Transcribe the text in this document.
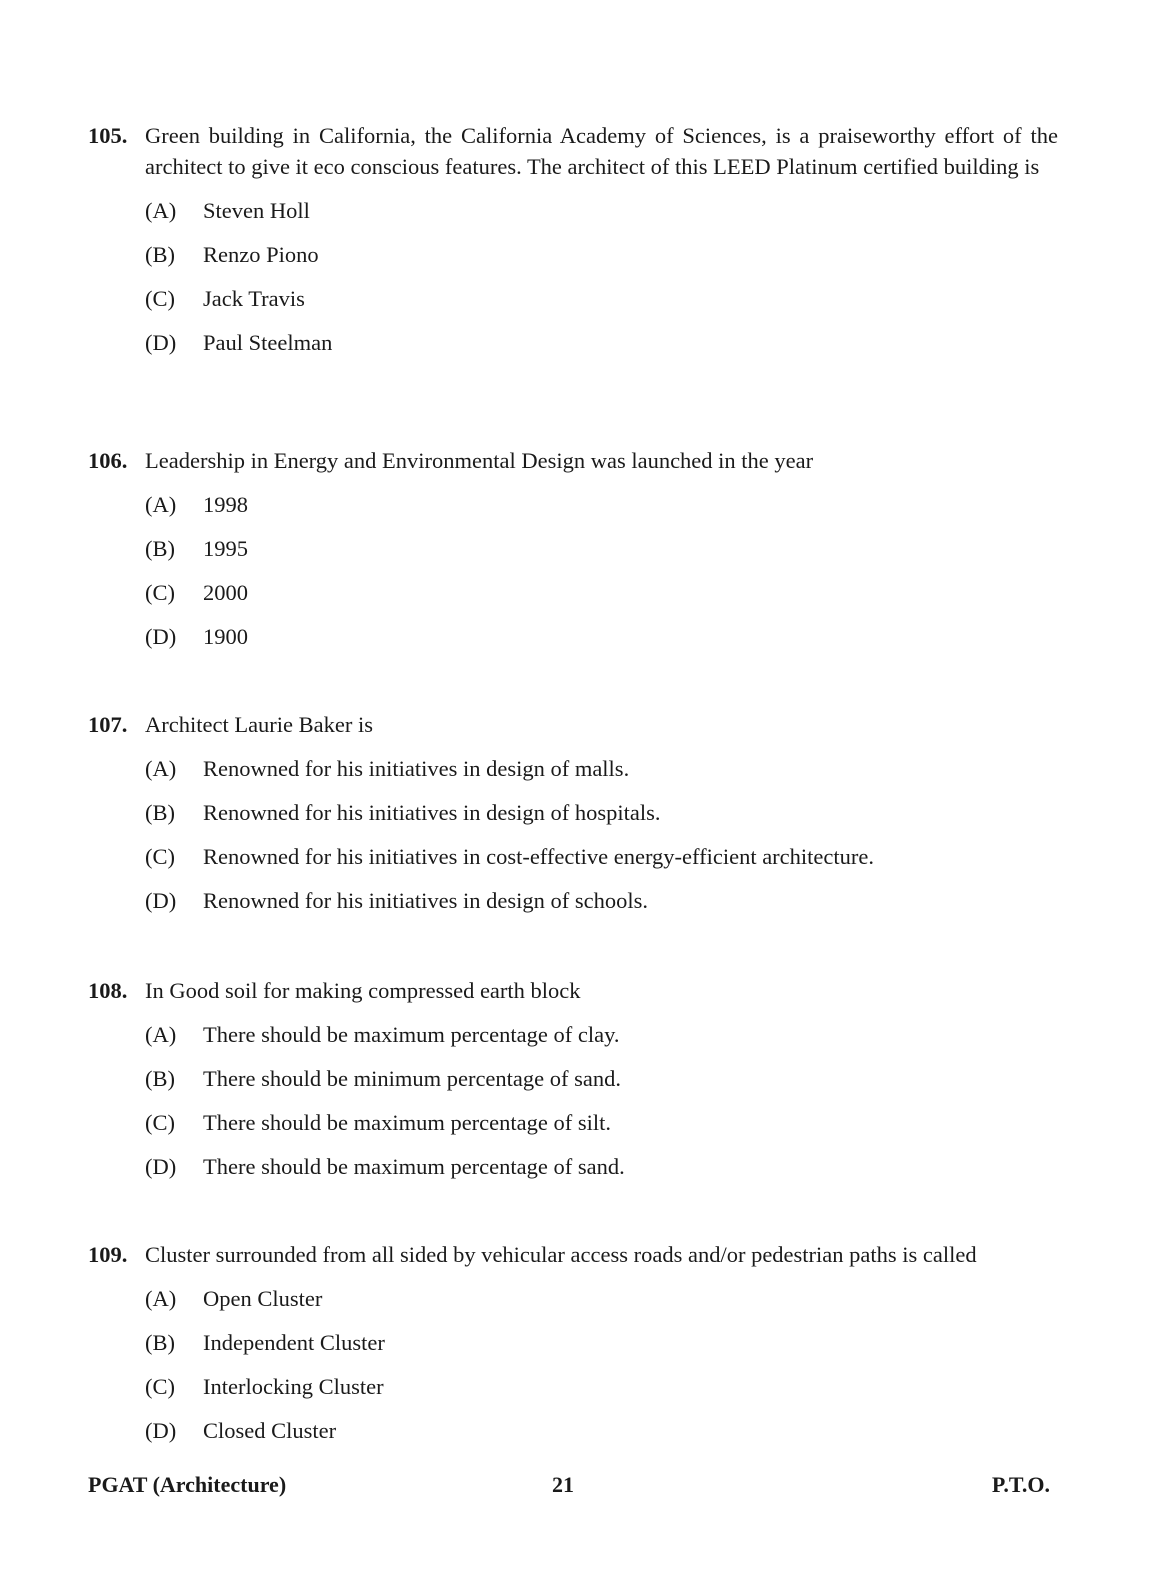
105. Green building in California, the California Academy of Sciences, is a praiseworthy effort of the architect to give it eco conscious features. The architect of this LEED Platinum certified building is
(A)	Steven Holl
(B)	Renzo Piono
(C)	Jack Travis
(D)	Paul Steelman
106. Leadership in Energy and Environmental Design was launched in the year
(A)	1998
(B)	1995
(C)	2000
(D)	1900
107. Architect Laurie Baker is
(A)	Renowned for his initiatives in design of malls.
(B)	Renowned for his initiatives in design of hospitals.
(C)	Renowned for his initiatives in cost-effective energy-efficient architecture.
(D)	Renowned for his initiatives in design of schools.
108. In Good soil for making compressed earth block
(A)	There should be maximum percentage of clay.
(B)	There should be minimum percentage of sand.
(C)	There should be maximum percentage of silt.
(D)	There should be maximum percentage of sand.
109. Cluster surrounded from all sided by vehicular access roads and/or pedestrian paths is called
(A)	Open Cluster
(B)	Independent Cluster
(C)	Interlocking Cluster
(D)	Closed Cluster
PGAT (Architecture)	21	P.T.O.
